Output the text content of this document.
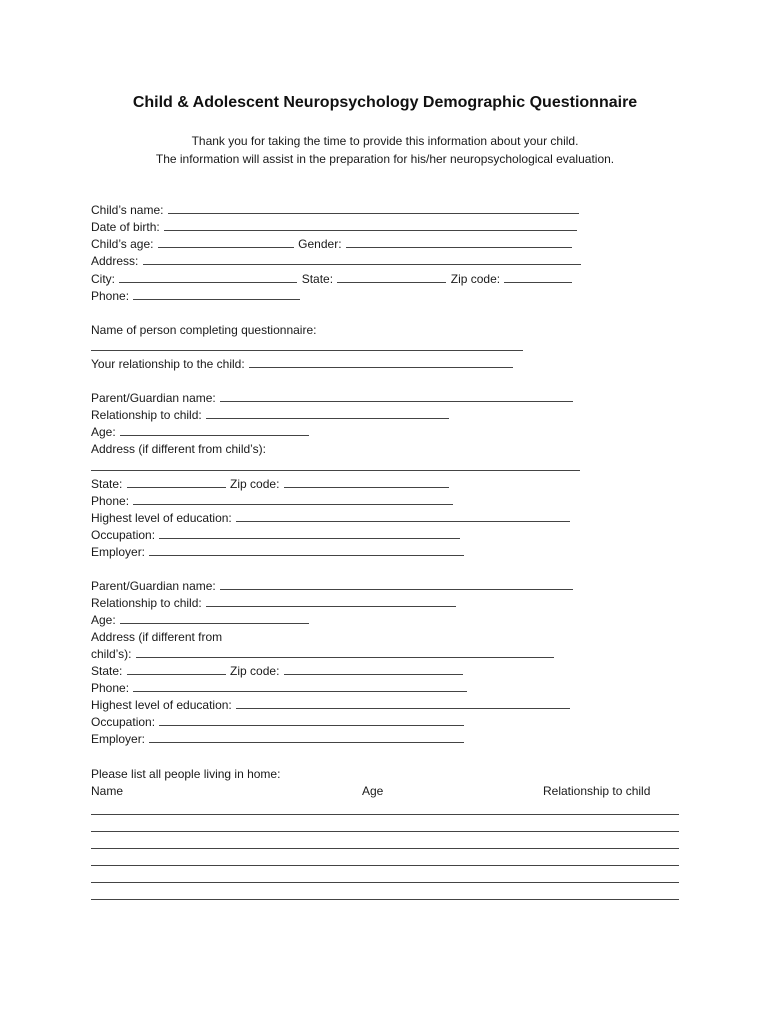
Child & Adolescent Neuropsychology Demographic Questionnaire
Thank you for taking the time to provide this information about your child.
The information will assist in the preparation for his/her neuropsychological evaluation.
Child’s name:
Date of birth:
Child’s age:	Gender:
Address:
City:	State:	Zip code:
Phone:
Name of person completing questionnaire:
Your relationship to the child:
Parent/Guardian name:
Relationship to child:
Age:
Address (if different from child’s):
State:	Zip code:
Phone:
Highest level of education:
Occupation:
Employer:
Parent/Guardian name:
Relationship to child:
Age:
Address (if different from
child’s):
State:	Zip code:
Phone:
Highest level of education:
Occupation:
Employer:
Please list all people living in home:
Name	Age	Relationship to child
